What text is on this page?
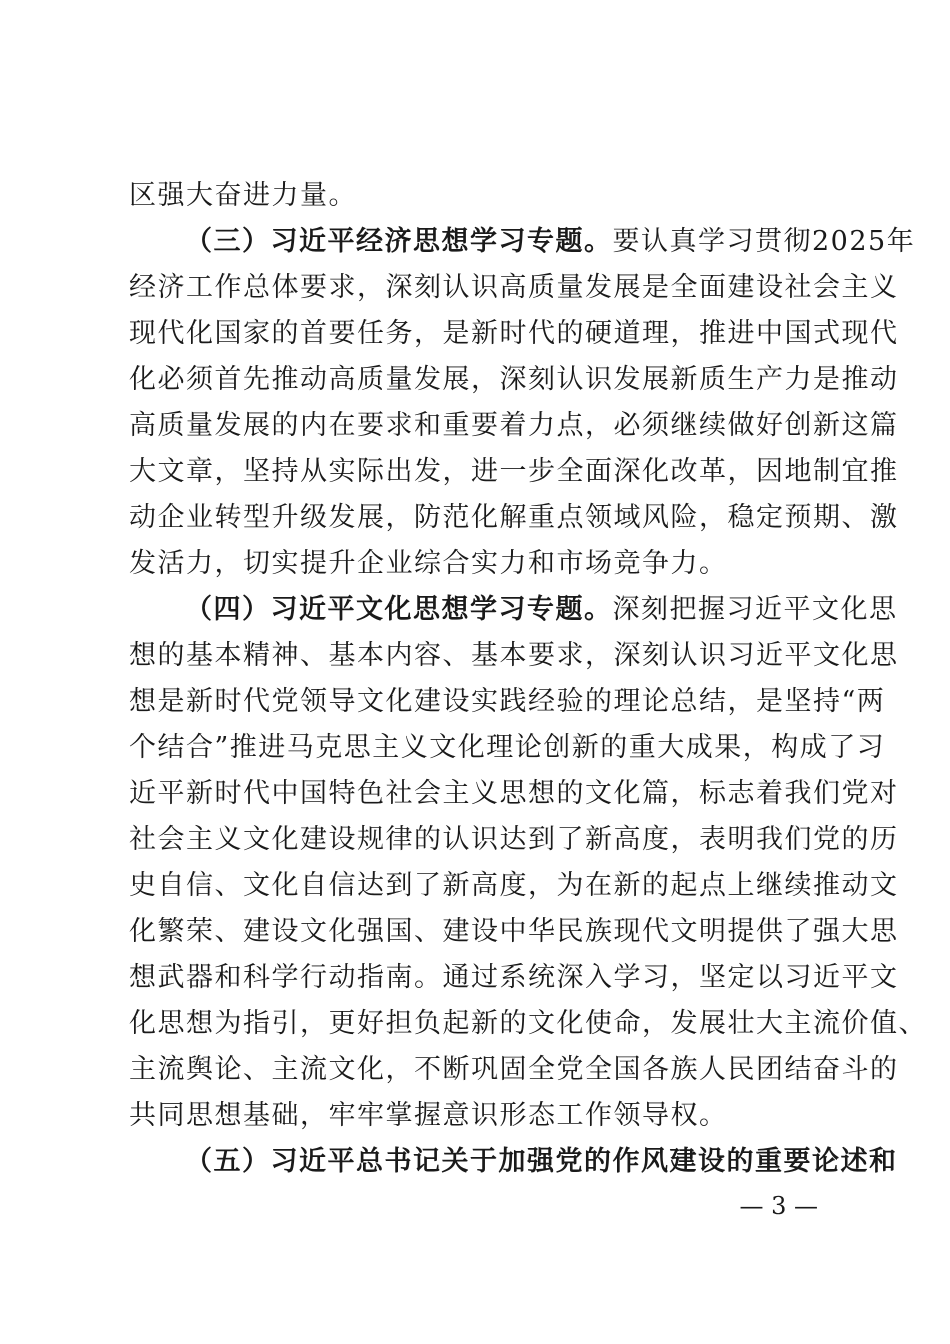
区强大奋进力量。
（三）习近平经济思想学习专题。要认真学习贯彻2025年
经济工作总体要求，深刻认识高质量发展是全面建设社会主义
现代化国家的首要任务，是新时代的硬道理，推进中国式现代
化必须首先推动高质量发展，深刻认识发展新质生产力是推动
高质量发展的内在要求和重要着力点，必须继续做好创新这篇
大文章，坚持从实际出发，进一步全面深化改革，因地制宜推
动企业转型升级发展，防范化解重点领域风险，稳定预期、激
发活力，切实提升企业综合实力和市场竞争力。
（四）习近平文化思想学习专题。深刻把握习近平文化思
想的基本精神、基本内容、基本要求，深刻认识习近平文化思
想是新时代党领导文化建设实践经验的理论总结，是坚持“两
个结合”推进马克思主义文化理论创新的重大成果，构成了习
近平新时代中国特色社会主义思想的文化篇，标志着我们党对
社会主义文化建设规律的认识达到了新高度，表明我们党的历
史自信、文化自信达到了新高度，为在新的起点上继续推动文
化繁荣、建设文化强国、建设中华民族现代文明提供了强大思
想武器和科学行动指南。通过系统深入学习，坚定以习近平文
化思想为指引，更好担负起新的文化使命，发展壮大主流价值、
主流舆论、主流文化，不断巩固全党全国各族人民团结奋斗的
共同思想基础，牢牢掌握意识形态工作领导权。
（五）习近平总书记关于加强党的作风建设的重要论述和
— 3 —
